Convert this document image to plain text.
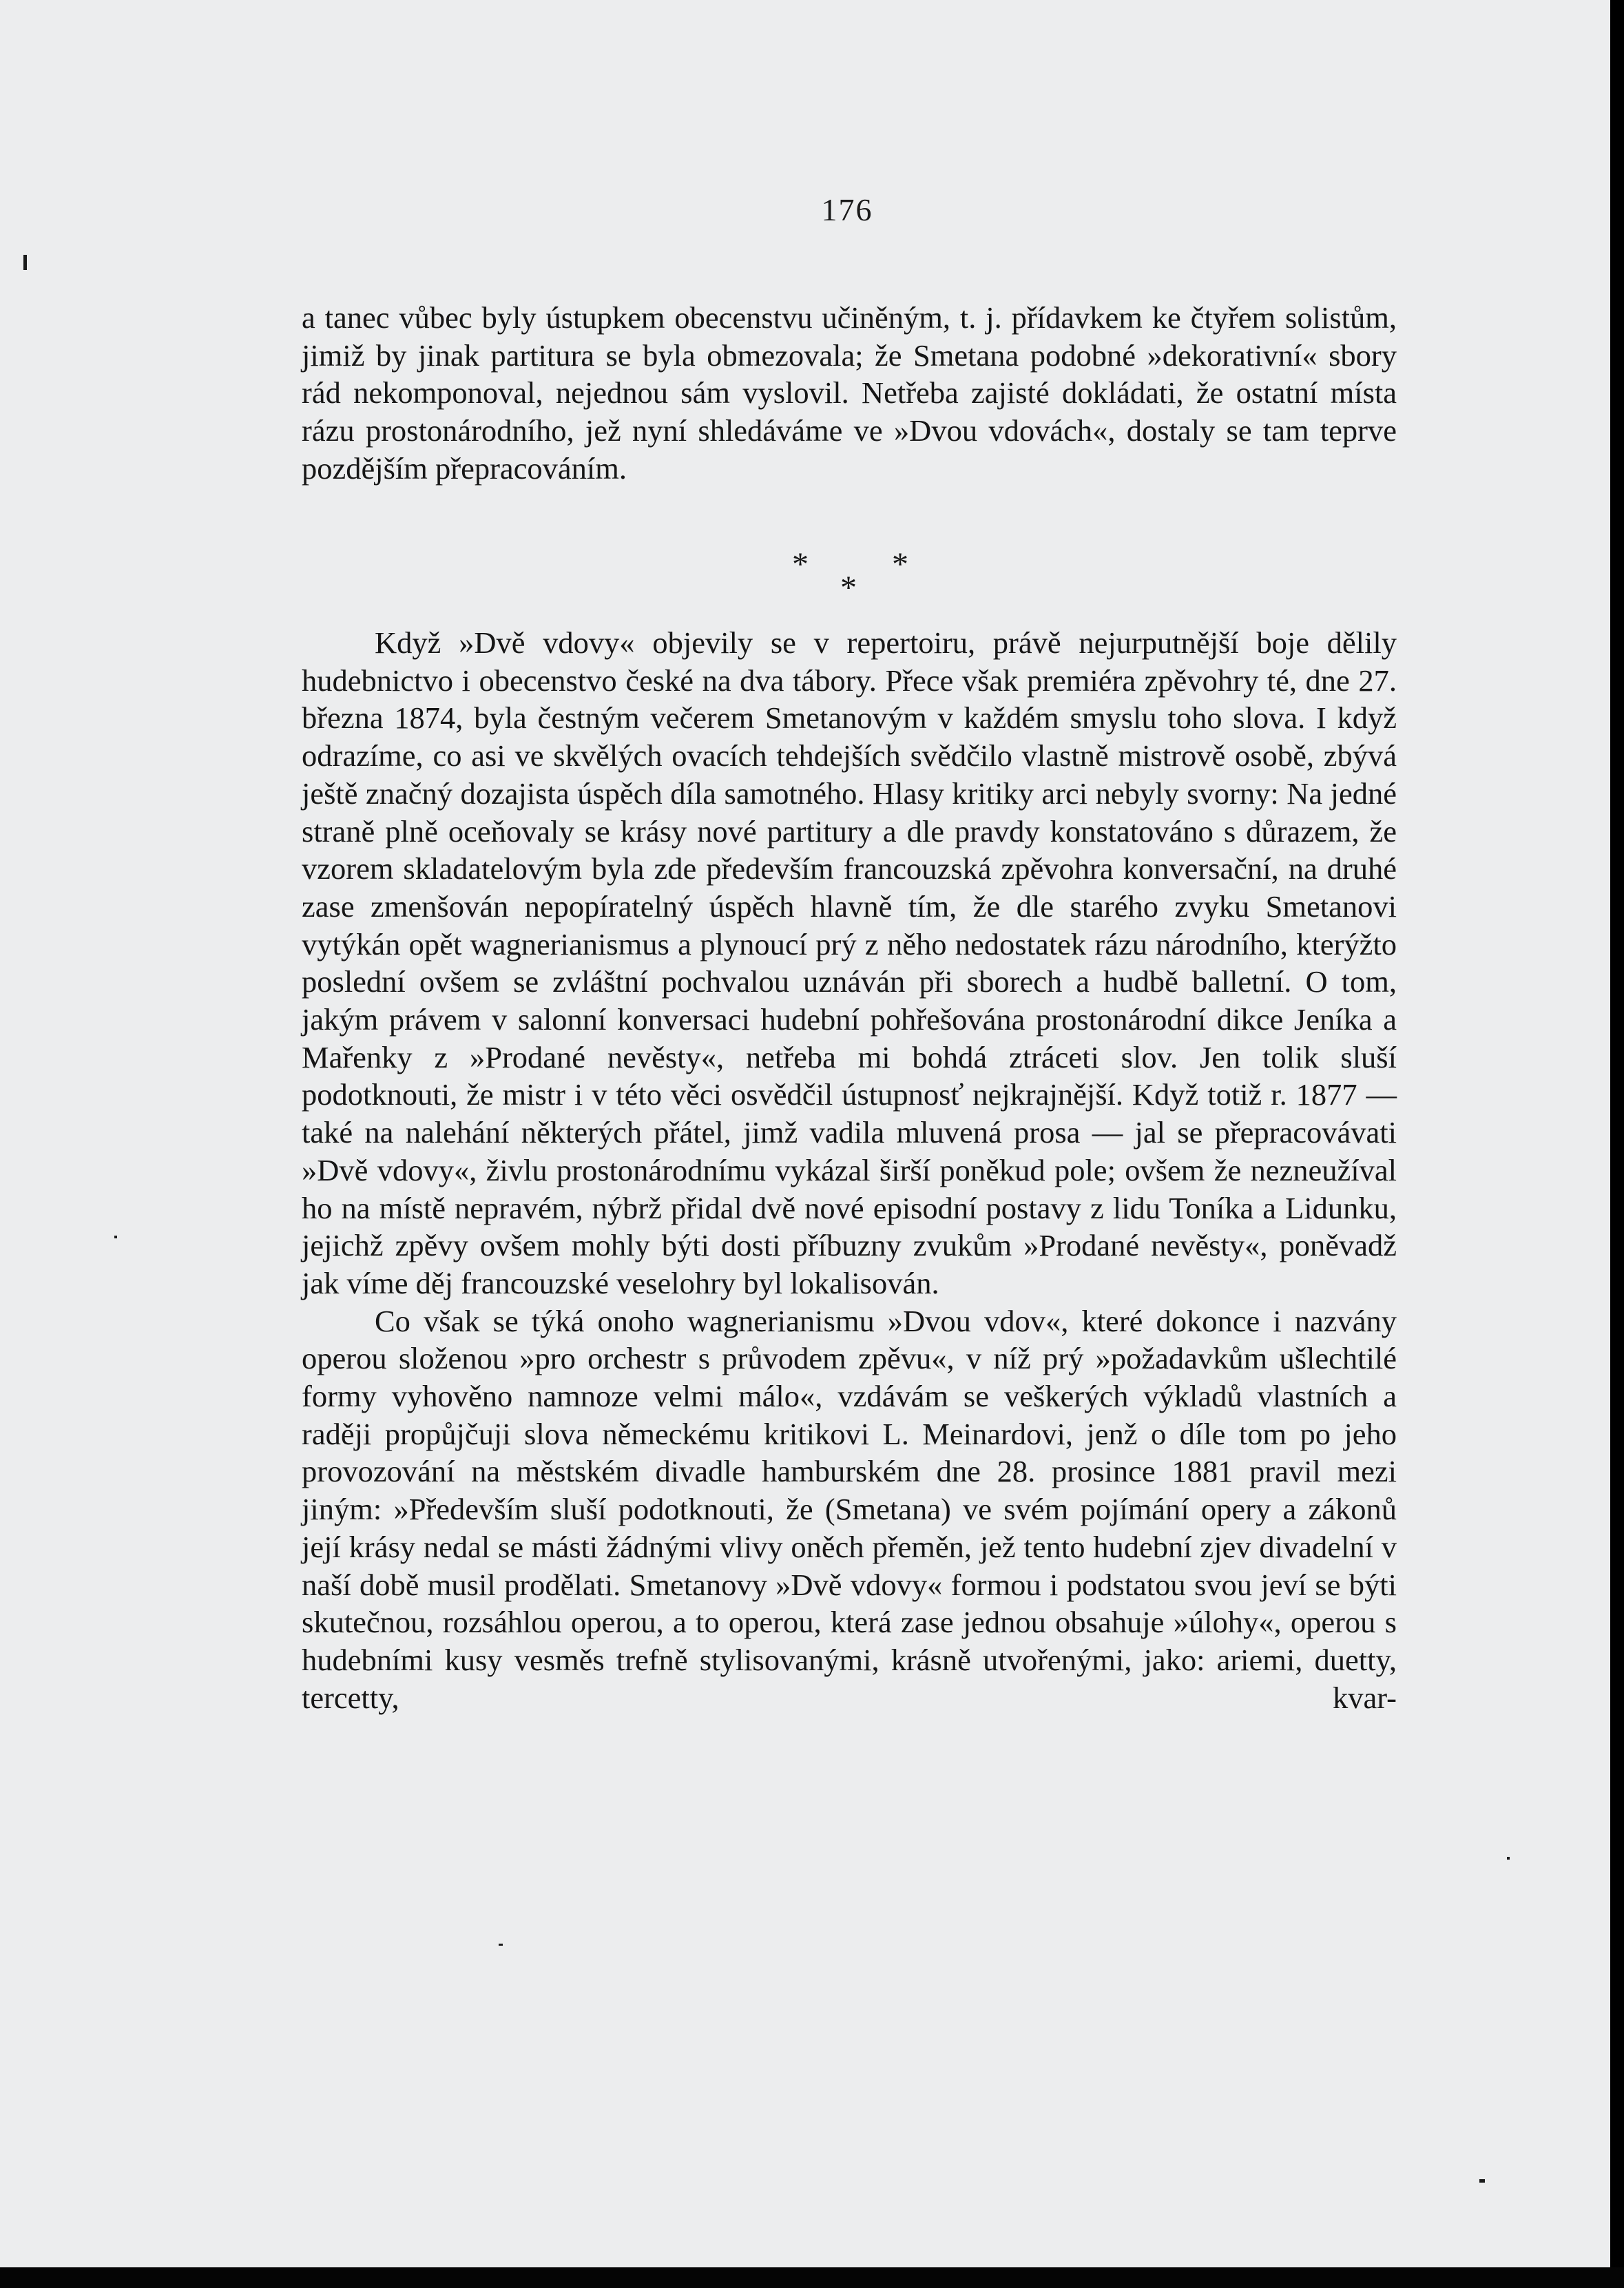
176

a tanec vůbec byly ústupkem obecenstvu učiněným, t. j. přídavkem ke čtyřem solistům, jimiž by jinak partitura se byla obmezovala; že Smetana podobné »dekorativní« sbory rád nekomponoval, nejednou sám vyslovil. Netřeba zajisté dokládati, že ostatní místa rázu prostonárodního, jež nyní shledáváme ve »Dvou vdovách«, dostaly se tam teprve pozdějším přepracováním.

*	*
*

Když »Dvě vdovy« objevily se v repertoiru, právě nejurputnější boje dělily hudebnictvo i obecenstvo české na dva tábory. Přece však premiéra zpěvohry té, dne 27. března 1874, byla čestným večerem Smetanovým v každém smyslu toho slova. I když odrazíme, co asi ve skvělých ovacích tehdejších svědčilo vlastně mistrově osobě, zbývá ještě značný dozajista úspěch díla samotného. Hlasy kritiky arci nebyly svorny: Na jedné straně plně oceňovaly se krásy nové partitury a dle pravdy konstatováno s důrazem, že vzorem skladatelovým byla zde především francouzská zpěvohra konversační, na druhé zase zmenšován nepopíratelný úspěch hlavně tím, že dle starého zvyku Smetanovi vytýkán opět wagnerianismus a plynoucí prý z něho nedostatek rázu národního, kterýžto poslední ovšem se zvláštní pochvalou uznáván při sborech a hudbě balletní. O tom, jakým právem v salonní konversaci hudební pohřešována prostonárodní dikce Jeníka a Mařenky z »Prodané nevěsty«, netřeba mi bohdá ztráceti slov. Jen tolik sluší podotknouti, že mistr i v této věci osvědčil ústupnosť nejkrajnější. Když totiž r. 1877 — také na nalehání některých přátel, jimž vadila mluvená prosa — jal se přepracovávati »Dvě vdovy«, živlu prostonárodnímu vykázal širší poněkud pole; ovšem že nezneužíval ho na místě nepravém, nýbrž přidal dvě nové episodní postavy z lidu Toníka a Lidunku, jejichž zpěvy ovšem mohly býti dosti příbuzny zvukům »Prodané nevěsty«, poněvadž jak víme děj francouzské veselohry byl lokalisován.

Co však se týká onoho wagnerianismu »Dvou vdov«, které dokonce i nazvány operou složenou »pro orchestr s průvodem zpěvu«, v níž prý »požadavkům ušlechtilé formy vyhověno namnoze velmi málo«, vzdávám se veškerých výkladů vlastních a raději propůjčuji slova německému kritikovi L. Meinardovi, jenž o díle tom po jeho provozování na městském divadle hamburském dne 28. prosince 1881 pravil mezi jiným: »Především sluší podotknouti, že (Smetana) ve svém pojímání opery a zákonů její krásy nedal se másti žádnými vlivy oněch přeměn, jež tento hudební zjev divadelní v naší době musil prodělati. Smetanovy »Dvě vdovy« formou i podstatou svou jeví se býti skutečnou, rozsáhlou operou, a to operou, která zase jednou obsahuje »úlohy«, operou s hudebními kusy vesměs trefně stylisovanými, krásně utvořenými, jako: ariemi, duetty, tercetty, kvar-
